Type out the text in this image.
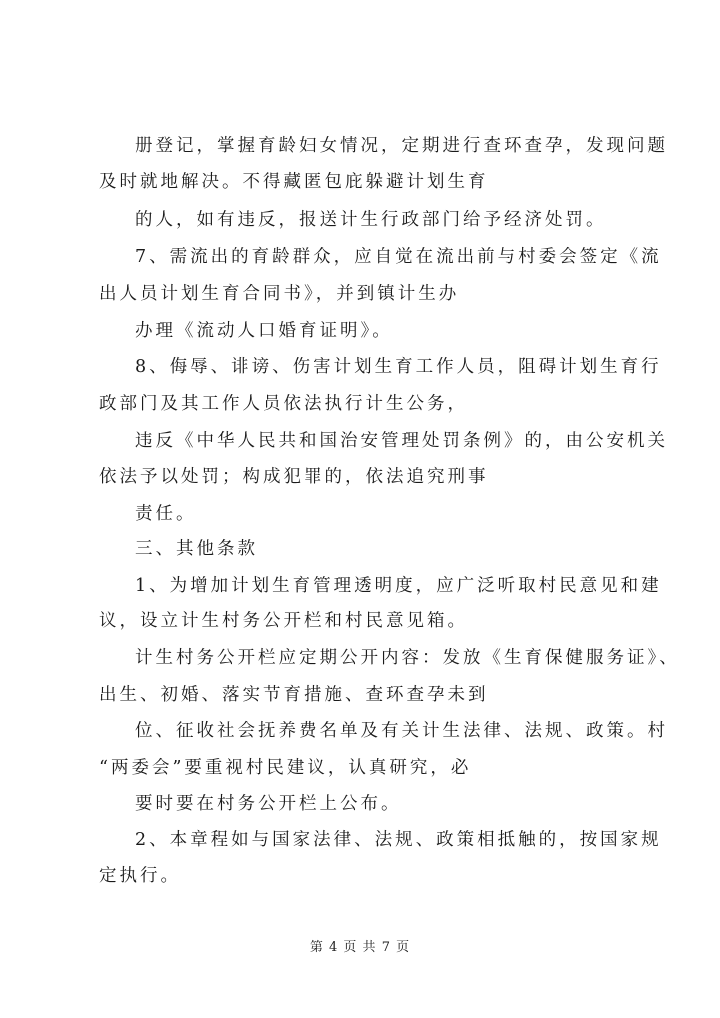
册登记，掌握育龄妇女情况，定期进行查环查孕，发现问题
及时就地解决。不得藏匿包庇躲避计划生育
的人，如有违反，报送计生行政部门给予经济处罚。
7、需流出的育龄群众，应自觉在流出前与村委会签定《流
出人员计划生育合同书》，并到镇计生办
办理《流动人口婚育证明》。
8、侮辱、诽谤、伤害计划生育工作人员，阻碍计划生育行
政部门及其工作人员依法执行计生公务，
违反《中华人民共和国治安管理处罚条例》的，由公安机关
依法予以处罚；构成犯罪的，依法追究刑事
责任。
三、其他条款
1、为增加计划生育管理透明度，应广泛听取村民意见和建
议，设立计生村务公开栏和村民意见箱。
计生村务公开栏应定期公开内容：发放《生育保健服务证》、
出生、初婚、落实节育措施、查环查孕未到
位、征收社会抚养费名单及有关计生法律、法规、政策。村
“两委会”要重视村民建议，认真研究，必
要时要在村务公开栏上公布。
2、本章程如与国家法律、法规、政策相抵触的，按国家规
定执行。
第 4 页 共 7 页
